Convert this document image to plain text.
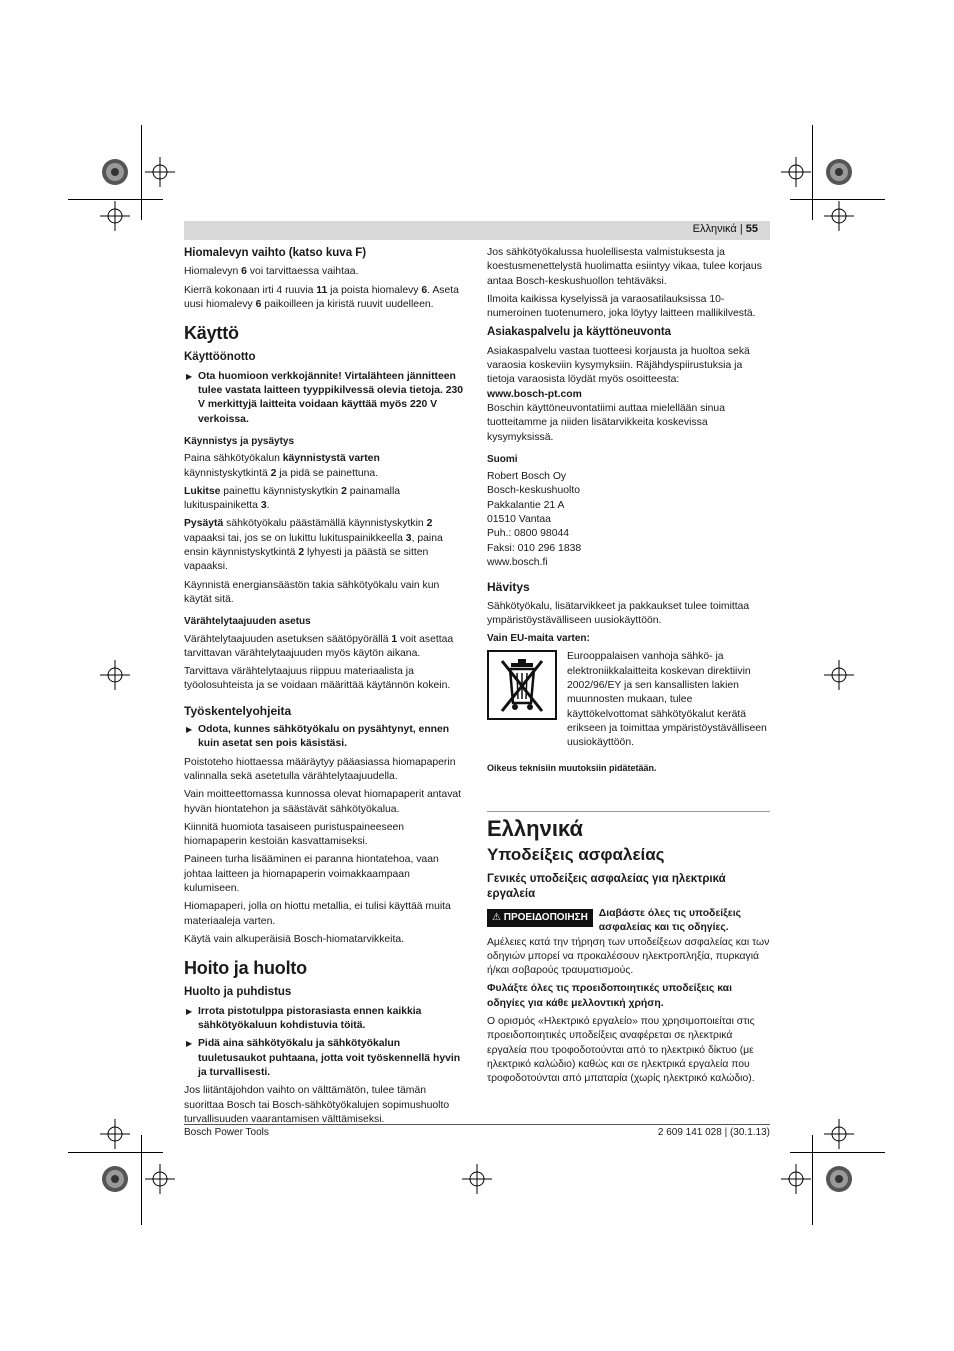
Ελληνικά | 55
Hiomalevyn vaihto (katso kuva F)

Hiomalevyn 6 voi tarvittaessa vaihtaa.

Kierrä kokonaan irti 4 ruuvia 11 ja poista hiomalevy 6. Aseta uusi hiomalevy 6 paikoilleen ja kiristä ruuvit uudelleen.

Käyttö
Käyttöönotto
▶ Ota huomioon verkkojännite! Virtalähteen jännitteen tulee vastata laitteen tyyppikilvessä olevia tietoja. 230 V merkittyjä laitteita voidaan käyttää myös 220 V verkoissa.
Käynnistys ja pysäytys

Paina sähkötyökalun käynnistystä varten käynnistyskytkintä 2 ja pidä se painettuna.

Lukitse painettu käynnistyskytkin 2 painamalla lukituspainiketta 3.

Pysäytä sähkötyökalu päästämällä käynnistyskytkin 2 vapaaksi tai, jos se on lukittu lukituspainikkeella 3, paina ensin käynnistyskytkintä 2 lyhyesti ja päästä se sitten vapaaksi.

Käynnistä energiansäästön takia sähkötyökalu vain kun käytät sitä.

Värähtelytaajuuden asetus

Värähtelytaajuuden asetuksen säätöpyörällä 1 voit asettaa tarvittavan värähtelytaajuuden myös käytön aikana.

Tarvittava värähtelytaajuus riippuu materiaalista ja työolosuhteista ja se voidaan määrittää käytännön kokein.

Työskentelyohjeita
▶ Odota, kunnes sähkötyökalu on pysähtynyt, ennen kuin asetat sen pois käsistäsi.

Poistoteho hiottaessa määräytyy pääasiassa hiomapaperin valinnalla sekä asetetulla värähtelytaajuudella.

Vain moitteettomassa kunnossa olevat hiomapaperit antavat hyvän hiontatehon ja säästävät sähkötyökalua.

Kiinnitä huomiota tasaiseen puristuspaineeseen hiomapaperin kestoiän kasvattamiseksi.

Paineen turha lisääminen ei paranna hiontatehoa, vaan johtaa laitteen ja hiomapaperin voimakkaampaan kulumiseen.

Hiomapaperi, jolla on hiottu metallia, ei tulisi käyttää muita materiaaleja varten.

Käytä vain alkuperäisiä Bosch-hiomatarvikkeita.

Hoito ja huolto
Huolto ja puhdistus
▶ Irrota pistotulppa pistorasiasta ennen kaikkia sähkötyökaluun kohdistuvia töitä.
▶ Pidä aina sähkötyökalu ja sähkötyökalun tuuletusaukot puhtaana, jotta voit työskennellä hyvin ja turvallisesti.

Jos liitäntäjohdon vaihto on välttämätön, tulee tämän suorittaa Bosch tai Bosch-sähkötyökalujen sopimushuolto turvallisuuden vaarantamisen välttämiseksi.

Jos sähkötyökalussa huolellisesta valmistuksesta ja koestusmenettelystä huolimatta esiintyy vikaa, tulee korjaus antaa Bosch-keskushuollon tehtäväksi.

Ilmoita kaikissa kyselyissä ja varaosatilauksissa 10-numeroinen tuotenumero, joka löytyy laitteen mallikilvestä.

Asiakaspalvelu ja käyttöneuvonta

Asiakaspalvelu vastaa tuotteesi korjausta ja huoltoa sekä varaosia koskeviin kysymyksiin. Räjähdyspiirustuksia ja tietoja varaosista löydät myös osoitteesta:

www.bosch-pt.com

Boschin käyttöneuvontatiimi auttaa mielellään sinua tuotteitamme ja niiden lisätarvikkeita koskevissa kysymyksissä.

Suomi
Robert Bosch Oy
Bosch-keskushuolto
Pakkalantie 21 A
01510 Vantaa
Puh.: 0800 98044
Faksi: 010 296 1838
www.bosch.fi
Hävitys

Sähkötyökalu, lisätarvikkeet ja pakkaukset tulee toimittaa ympäristöystävälliseen uusiokäyttöön.

Vain EU-maita varten:
Eurooppalaisen vanhoja sähkö- ja elektroniikkalaitteita koskevan direktiivin 2002/96/EY ja sen kansallisten lakien muunnosten mukaan, tulee käyttökelvottomat sähkötyökalut kerätä erikseen ja toimittaa ympäristöystävälliseen uusiokäyttöön.

Oikeus teknisiin muutoksiin pidätetään.

Ελληνικά
Υποδείξεις ασφαλείας
Γενικές υποδείξεις ασφαλείας για ηλεκτρικά εργαλεία
⚠ ΠΡΟΕΙΔΟΠΟΙΗΣΗ	Διαβάστε όλες τις υποδείξεις ασφαλείας και τις οδηγίες.

Αμέλειες κατά την τήρηση των υποδείξεων ασφαλείας και των οδηγιών μπορεί να προκαλέσουν ηλεκτροπληξία, πυρκαγιά ή/και σοβαρούς τραυματισμούς.

Φυλάξτε όλες τις προειδοποιητικές υποδείξεις και οδηγίες για κάθε μελλοντική χρήση.

Ο ορισμός «Ηλεκτρικό εργαλείο» που χρησιμοποιείται στις προειδοποιητικές υποδείξεις αναφέρεται σε ηλεκτρικά εργαλεία που τροφοδοτούνται από το ηλεκτρικό δίκτυο (με ηλεκτρικό καλώδιο) καθώς και σε ηλεκτρικά εργαλεία που τροφοδοτούνται από μπαταρία (χωρίς ηλεκτρικό καλώδιο).

Bosch Power Tools	2 609 141 028 | (30.1.13)
